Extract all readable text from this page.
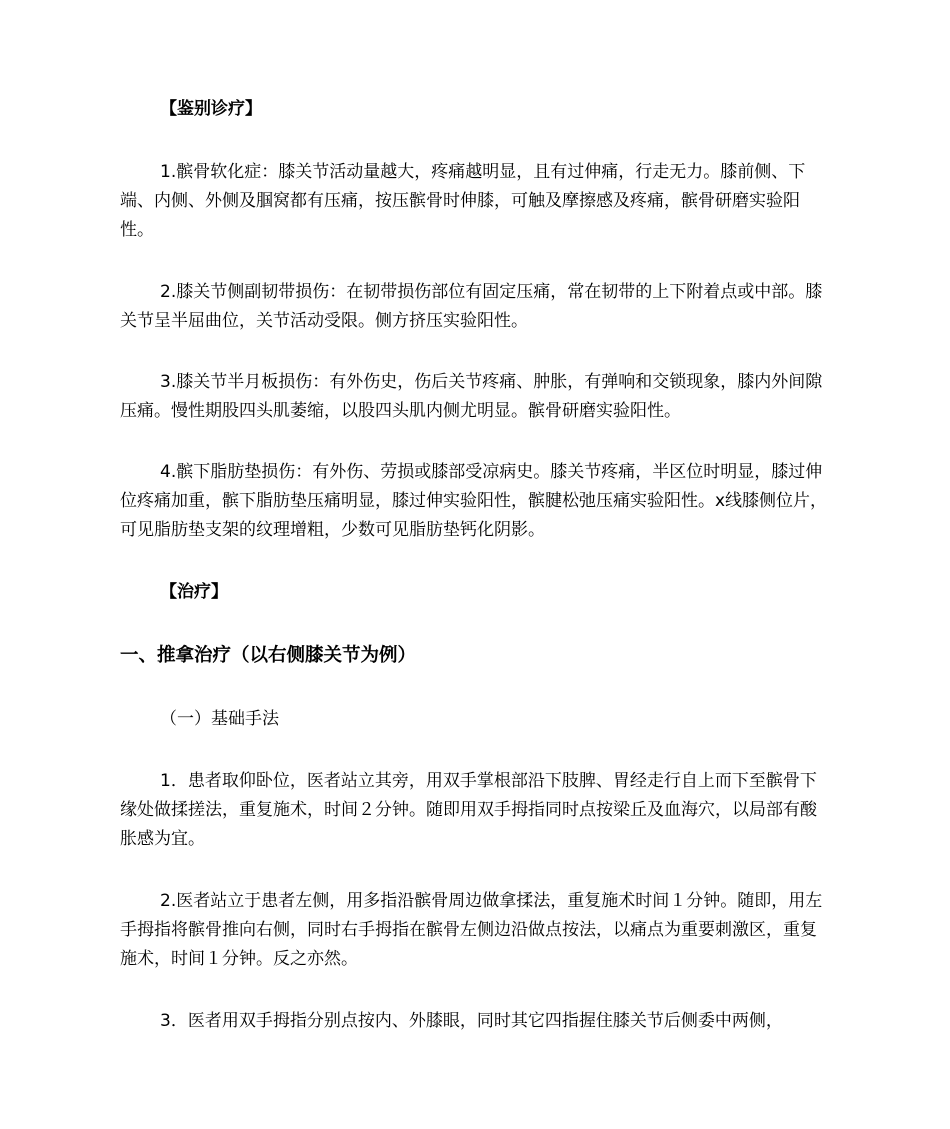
【鉴别诊疗】

1.髌骨软化症：膝关节活动量越大，疼痛越明显，且有过伸痛，行走无力。膝前侧、下端、内侧、外侧及腘窝都有压痛，按压髌骨时伸膝，可触及摩擦感及疼痛，髌骨研磨实验阳性。

2.膝关节侧副韧带损伤：在韧带损伤部位有固定压痛，常在韧带的上下附着点或中部。膝关节呈半屈曲位，关节活动受限。侧方挤压实验阳性。

3.膝关节半月板损伤：有外伤史，伤后关节疼痛、肿胀，有弹响和交锁现象，膝内外间隙压痛。慢性期股四头肌萎缩，以股四头肌内侧尤明显。髌骨研磨实验阳性。

4.髌下脂肪垫损伤：有外伤、劳损或膝部受凉病史。膝关节疼痛，半区位时明显，膝过伸位疼痛加重，髌下脂肪垫压痛明显，膝过伸实验阳性，髌腱松弛压痛实验阳性。x线膝侧位片，可见脂肪垫支架的纹理增粗，少数可见脂肪垫钙化阴影。

【治疗】

一、推拿治疗（以右侧膝关节为例）

（一）基础手法

1．患者取仰卧位，医者站立其旁，用双手掌根部沿下肢脾、胃经走行自上而下至髌骨下缘处做揉搓法，重复施术，时间２分钟。随即用双手拇指同时点按梁丘及血海穴，以局部有酸胀感为宜。

2.医者站立于患者左侧，用多指沿髌骨周边做拿揉法，重复施术时间１分钟。随即，用左手拇指将髌骨推向右侧，同时右手拇指在髌骨左侧边沿做点按法，以痛点为重要刺激区，重复施术，时间１分钟。反之亦然。

3．医者用双手拇指分别点按内、外膝眼，同时其它四指握住膝关节后侧委中两侧，
